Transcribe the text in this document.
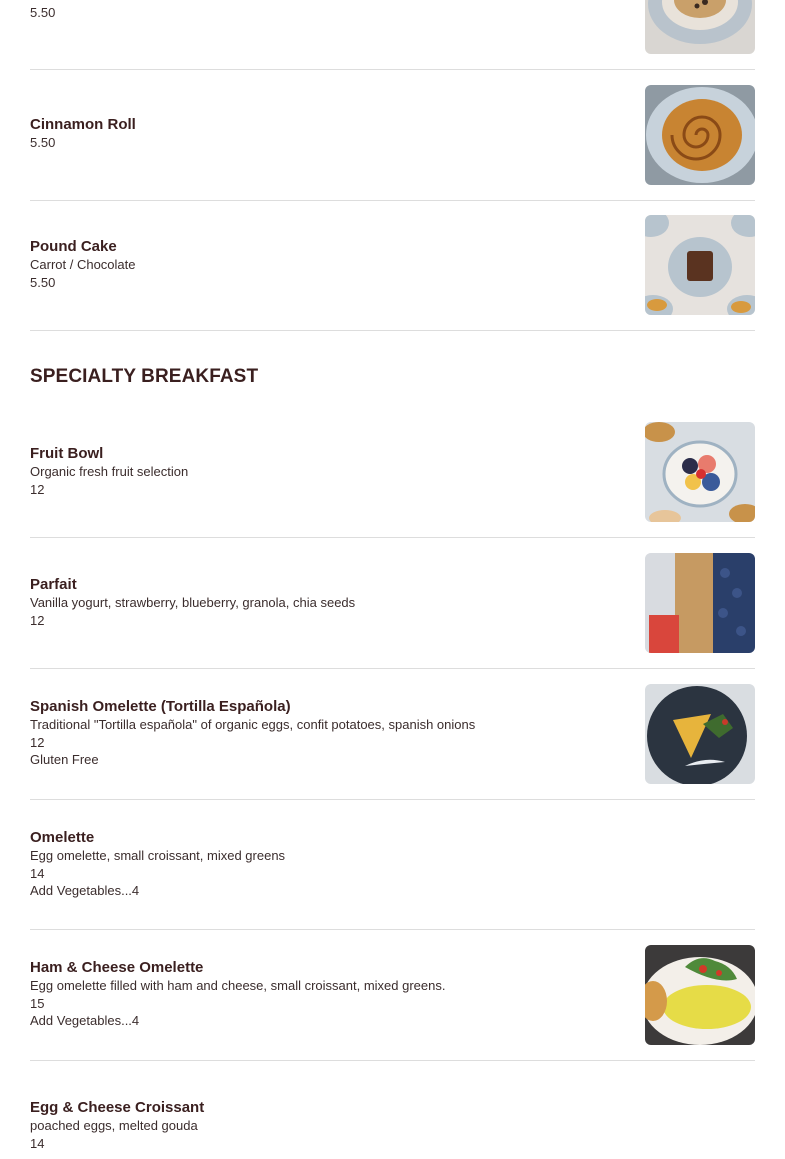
5.50
Cinnamon Roll
5.50
Pound Cake
Carrot / Chocolate
5.50
SPECIALTY BREAKFAST
Fruit Bowl
Organic fresh fruit selection
12
Parfait
Vanilla yogurt, strawberry, blueberry, granola, chia seeds
12
Spanish Omelette (Tortilla Española)
Traditional "Tortilla española" of organic eggs, confit potatoes, spanish onions
12
Gluten Free
Omelette
Egg omelette, small croissant, mixed greens
14
Add Vegetables...4
Ham & Cheese Omelette
Egg omelette filled with ham and cheese, small croissant, mixed greens.
15
Add Vegetables...4
Egg & Cheese Croissant
poached eggs, melted gouda
14
